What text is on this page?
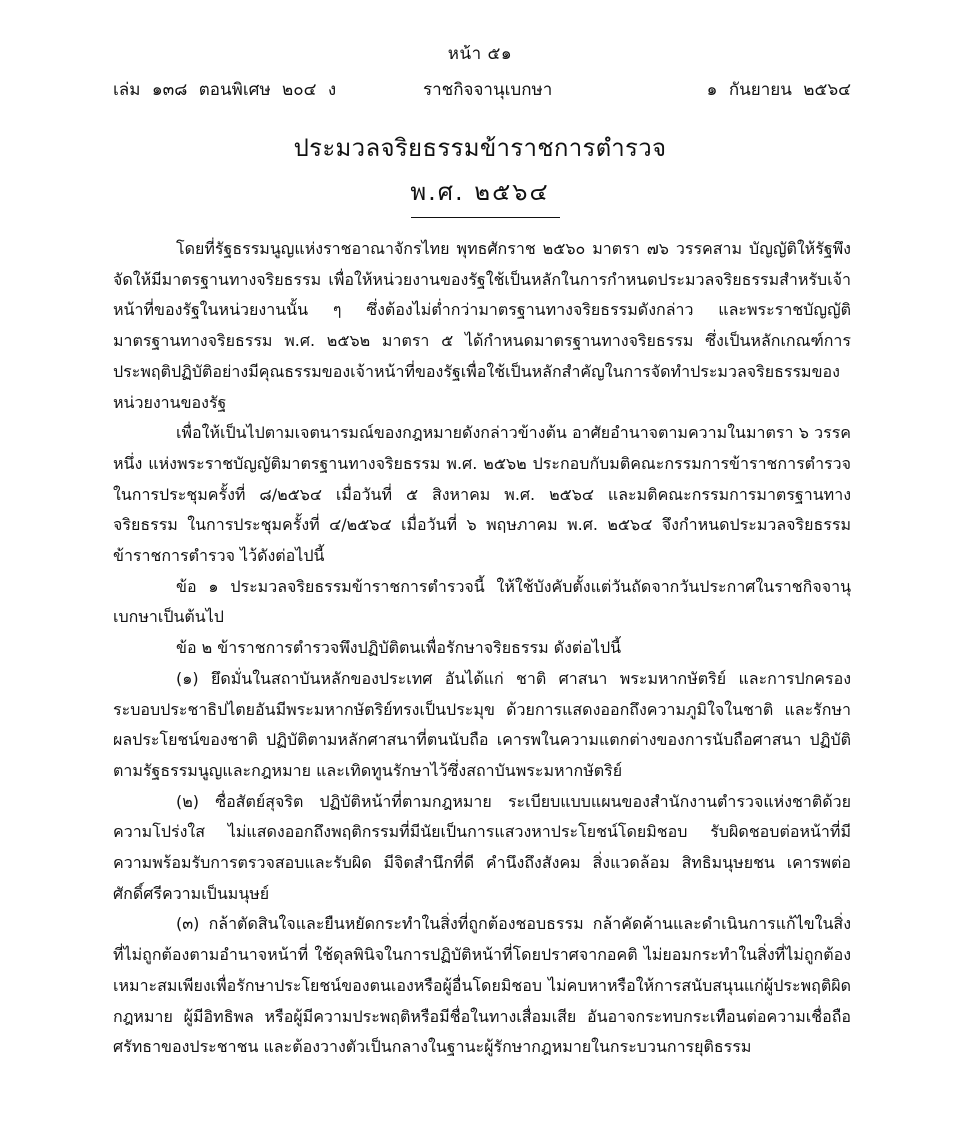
หน้า ๕๑
เล่ม ๑๓๘ ตอนพิเศษ ๒๐๔ ง	ราชกิจจานุเบกษา	๑ กันยายน ๒๕๖๔
ประมวลจริยธรรมข้าราชการตำรวจ
พ.ศ. ๒๕๖๔

โดยที่รัฐธรรมนูญแห่งราชอาณาจักรไทย พุทธศักราช ๒๕๖๐ มาตรา ๗๖ วรรคสาม บัญญัติให้รัฐพึงจัดให้มีมาตรฐานทางจริยธรรม เพื่อให้หน่วยงานของรัฐใช้เป็นหลักในการกำหนดประมวลจริยธรรมสำหรับเจ้าหน้าที่ของรัฐในหน่วยงานนั้น ๆ ซึ่งต้องไม่ต่ำกว่ามาตรฐานทางจริยธรรมดังกล่าว และพระราชบัญญัติมาตรฐานทางจริยธรรม พ.ศ. ๒๕๖๒ มาตรา ๕ ได้กำหนดมาตรฐานทางจริยธรรม ซึ่งเป็นหลักเกณฑ์การประพฤติปฏิบัติอย่างมีคุณธรรมของเจ้าหน้าที่ของรัฐเพื่อใช้เป็นหลักสำคัญในการจัดทำประมวลจริยธรรมของหน่วยงานของรัฐ

เพื่อให้เป็นไปตามเจตนารมณ์ของกฎหมายดังกล่าวข้างต้น อาศัยอำนาจตามความในมาตรา ๖ วรรคหนึ่ง แห่งพระราชบัญญัติมาตรฐานทางจริยธรรม พ.ศ. ๒๕๖๒ ประกอบกับมติคณะกรรมการข้าราชการตำรวจ ในการประชุมครั้งที่ ๘/๒๕๖๔ เมื่อวันที่ ๕ สิงหาคม พ.ศ. ๒๕๖๔ และมติคณะกรรมการมาตรฐานทางจริยธรรม ในการประชุมครั้งที่ ๔/๒๕๖๔ เมื่อวันที่ ๖ พฤษภาคม พ.ศ. ๒๕๖๔ จึงกำหนดประมวลจริยธรรมข้าราชการตำรวจ ไว้ดังต่อไปนี้

ข้อ ๑ ประมวลจริยธรรมข้าราชการตำรวจนี้ ให้ใช้บังคับตั้งแต่วันถัดจากวันประกาศในราชกิจจานุเบกษาเป็นต้นไป

ข้อ ๒ ข้าราชการตำรวจพึงปฏิบัติตนเพื่อรักษาจริยธรรม ดังต่อไปนี้

(๑) ยึดมั่นในสถาบันหลักของประเทศ อันได้แก่ ชาติ ศาสนา พระมหากษัตริย์ และการปกครองระบอบประชาธิปไตยอันมีพระมหากษัตริย์ทรงเป็นประมุข ด้วยการแสดงออกถึงความภูมิใจในชาติ และรักษาผลประโยชน์ของชาติ ปฏิบัติตามหลักศาสนาที่ตนนับถือ เคารพในความแตกต่างของการนับถือศาสนา ปฏิบัติตามรัฐธรรมนูญและกฎหมาย และเทิดทูนรักษาไว้ซึ่งสถาบันพระมหากษัตริย์

(๒) ซื่อสัตย์สุจริต ปฏิบัติหน้าที่ตามกฎหมาย ระเบียบแบบแผนของสำนักงานตำรวจแห่งชาติด้วยความโปร่งใส ไม่แสดงออกถึงพฤติกรรมที่มีนัยเป็นการแสวงหาประโยชน์โดยมิชอบ รับผิดชอบต่อหน้าที่มีความพร้อมรับการตรวจสอบและรับผิด มีจิตสำนึกที่ดี คำนึงถึงสังคม สิ่งแวดล้อม สิทธิมนุษยชน เคารพต่อศักดิ์ศรีความเป็นมนุษย์

(๓) กล้าตัดสินใจและยืนหยัดกระทำในสิ่งที่ถูกต้องชอบธรรม กล้าคัดค้านและดำเนินการแก้ไขในสิ่งที่ไม่ถูกต้องตามอำนาจหน้าที่ ใช้ดุลพินิจในการปฏิบัติหน้าที่โดยปราศจากอคติ ไม่ยอมกระทำในสิ่งที่ไม่ถูกต้องเหมาะสมเพียงเพื่อรักษาประโยชน์ของตนเองหรือผู้อื่นโดยมิชอบ ไม่คบหาหรือให้การสนับสนุนแก่ผู้ประพฤติผิดกฎหมาย ผู้มีอิทธิพล หรือผู้มีความประพฤติหรือมีชื่อในทางเสื่อมเสีย อันอาจกระทบกระเทือนต่อความเชื่อถือศรัทธาของประชาชน และต้องวางตัวเป็นกลางในฐานะผู้รักษากฎหมายในกระบวนการยุติธรรม
